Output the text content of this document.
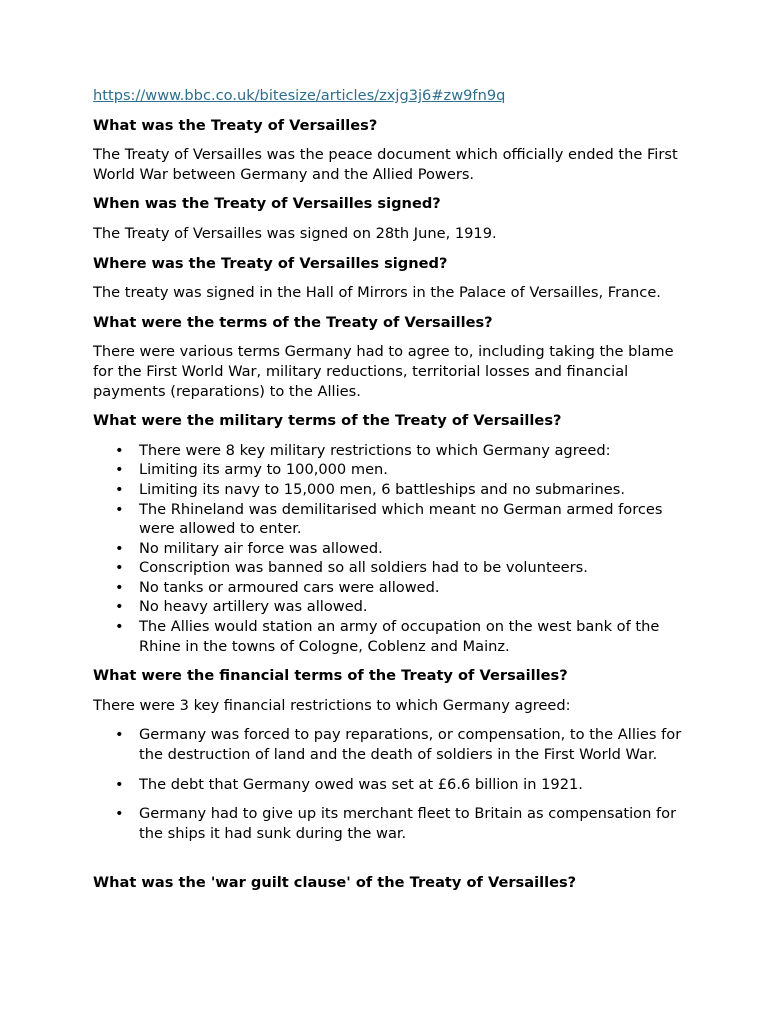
https://www.bbc.co.uk/bitesize/articles/zxjg3j6#zw9fn9q
What was the Treaty of Versailles?

The Treaty of Versailles was the peace document which officially ended the First World War between Germany and the Allied Powers.

When was the Treaty of Versailles signed?

The Treaty of Versailles was signed on 28th June, 1919.

Where was the Treaty of Versailles signed?

The treaty was signed in the Hall of Mirrors in the Palace of Versailles, France.

What were the terms of the Treaty of Versailles?

There were various terms Germany had to agree to, including taking the blame for the First World War, military reductions, territorial losses and financial payments (reparations) to the Allies.

What were the military terms of the Treaty of Versailles?
• There were 8 key military restrictions to which Germany agreed:
• Limiting its army to 100,000 men.
• Limiting its navy to 15,000 men, 6 battleships and no submarines.
• The Rhineland was demilitarised which meant no German armed forces were allowed to enter.
• No military air force was allowed.
• Conscription was banned so all soldiers had to be volunteers.
• No tanks or armoured cars were allowed.
• No heavy artillery was allowed.
• The Allies would station an army of occupation on the west bank of the Rhine in the towns of Cologne, Coblenz and Mainz.
What were the financial terms of the Treaty of Versailles?

There were 3 key financial restrictions to which Germany agreed:

• Germany was forced to pay reparations, or compensation, to the Allies for the destruction of land and the death of soldiers in the First World War.
• The debt that Germany owed was set at £6.6 billion in 1921.
• Germany had to give up its merchant fleet to Britain as compensation for the ships it had sunk during the war.
What was the 'war guilt clause' of the Treaty of Versailles?
